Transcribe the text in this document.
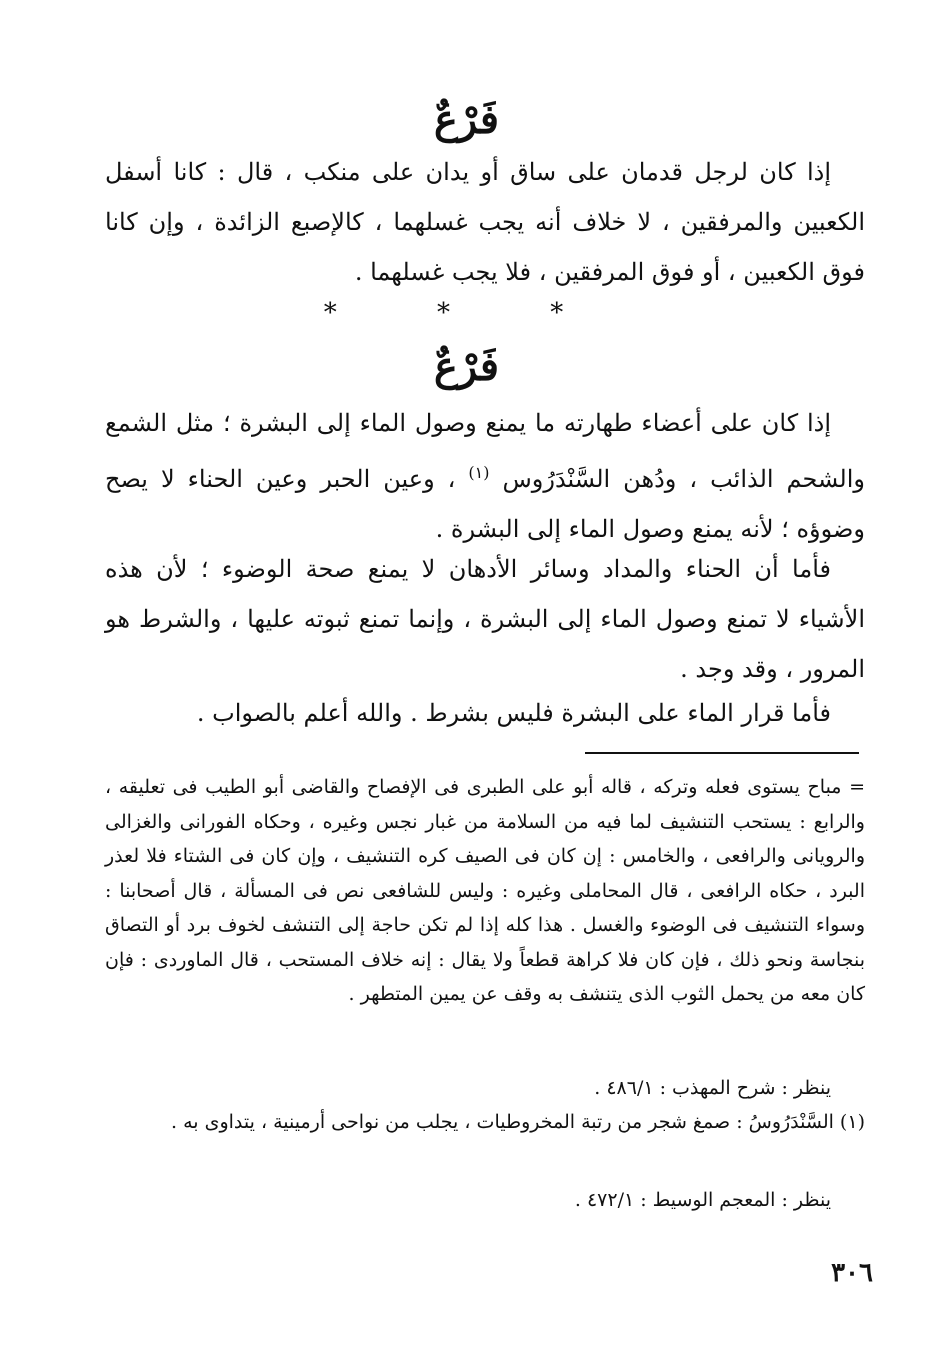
فَرْعٌ
إذا كان لرجل قدمان على ساق أو يدان على منكب ، قال : كانا أسفل الكعبين والمرفقين ، لا خلاف أنه يجب غسلهما ، كالإصبع الزائدة ، وإن كانا فوق الكعبين ، أو فوق المرفقين ، فلا يجب غسلهما .
* * *
فَرْعٌ
إذا كان على أعضاء طهارته ما يمنع وصول الماء إلى البشرة ؛ مثل الشمع والشحم الذائب ، ودُهن السَّنْدَرُوس $^{(١)}$ ، وعين الحبر وعين الحناء لا يصح وضوؤه ؛ لأنه يمنع وصول الماء إلى البشرة .
فأما أن الحناء والمداد وسائر الأدهان لا يمنع صحة الوضوء ؛ لأن هذه الأشياء لا تمنع وصول الماء إلى البشرة ، وإنما تمنع ثبوته عليها ، والشرط هو المرور ، وقد وجد .
فأما قرار الماء على البشرة فليس بشرط . والله أعلم بالصواب .
= مباح يستوى فعله وتركه ، قاله أبو على الطبرى فى الإفصاح والقاضى أبو الطيب فى تعليقه ، والرابع : يستحب التنشيف لما فيه من السلامة من غبار نجس وغيره ، وحكاه الفورانى والغزالى والرويانى والرافعى ، والخامس : إن كان فى الصيف كره التنشيف ، وإن كان فى الشتاء فلا لعذر البرد ، حكاه الرافعى ، قال المحاملى وغيره : وليس للشافعى نص فى المسألة ، قال أصحابنا : وسواء التنشيف فى الوضوء والغسل . هذا كله إذا لم تكن حاجة إلى التنشف لخوف برد أو التصاق بنجاسة ونحو ذلك ، فإن كان فلا كراهة قطعاً ولا يقال : إنه خلاف المستحب ، قال الماوردى : فإن كان معه من يحمل الثوب الذى يتنشف به وقف عن يمين المتطهر .
ينظر : شرح المهذب : ٤٨٦/١ .
(١) السَّنْدَرُوسُ : صمغ شجر من رتبة المخروطيات ، يجلب من نواحى أرمينية ، يتداوى به .
ينظر : المعجم الوسيط : ٤٧٢/١ .
٣٠٦
